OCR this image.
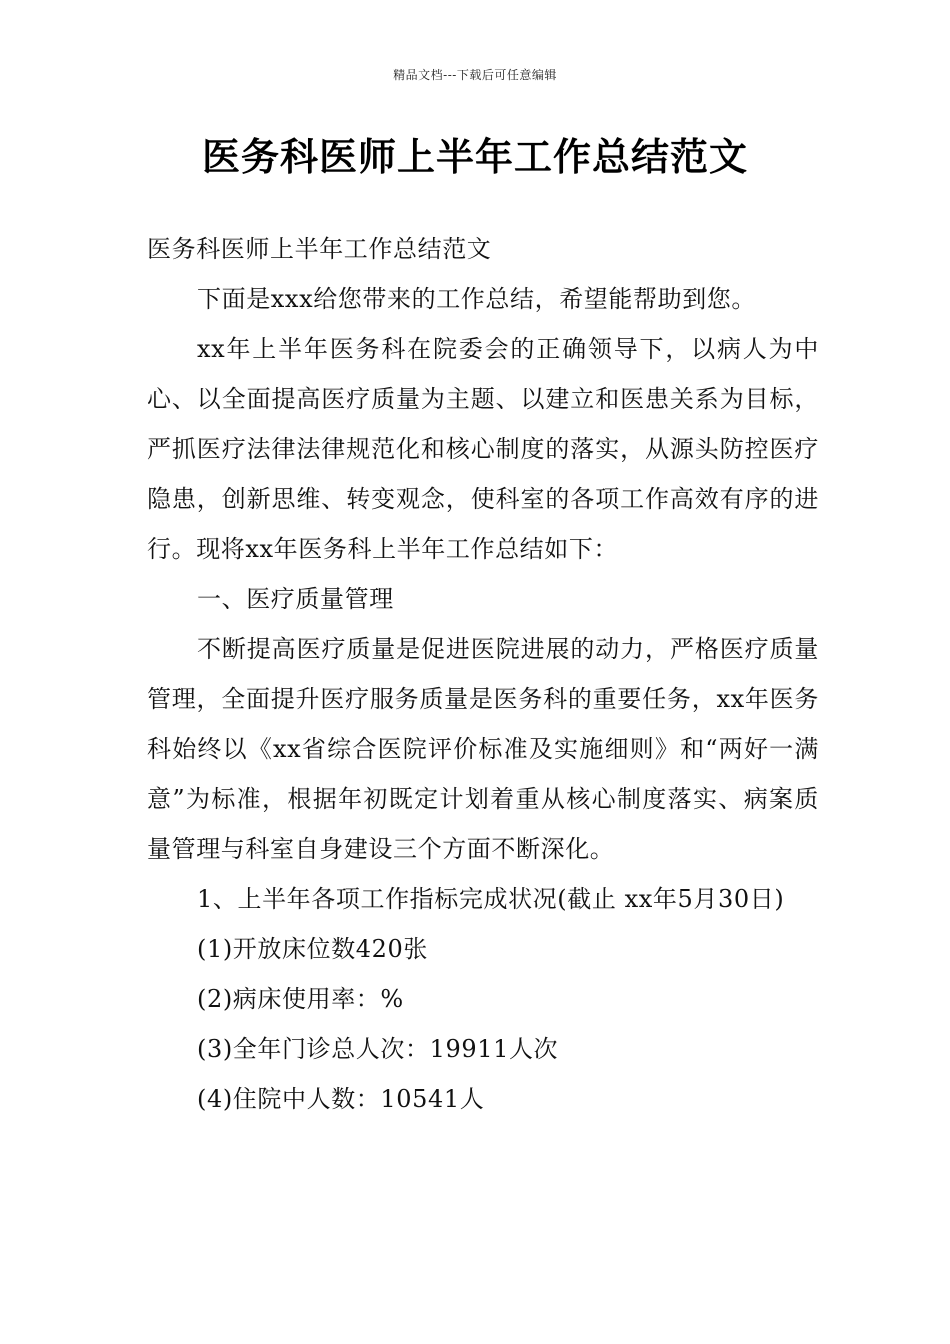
精品文档---下载后可任意编辑
医务科医师上半年工作总结范文

医务科医师上半年工作总结范文

下面是xxx给您带来的工作总结，希望能帮助到您。

xx年上半年医务科在院委会的正确领导下，以病人为中心、以全面提高医疗质量为主题、以建立和医患关系为目标，严抓医疗法律法律规范化和核心制度的落实，从源头防控医疗隐患，创新思维、转变观念，使科室的各项工作高效有序的进行。现将xx年医务科上半年工作总结如下：

一、医疗质量管理

不断提高医疗质量是促进医院进展的动力，严格医疗质量管理，全面提升医疗服务质量是医务科的重要任务，xx年医务科始终以《xx省综合医院评价标准及实施细则》和“两好一满意”为标准，根据年初既定计划着重从核心制度落实、病案质量管理与科室自身建设三个方面不断深化。

1、上半年各项工作指标完成状况(截止 xx年5月30日)

(1)开放床位数420张

(2)病床使用率：%

(3)全年门诊总人次：19911人次

(4)住院中人数：10541人
